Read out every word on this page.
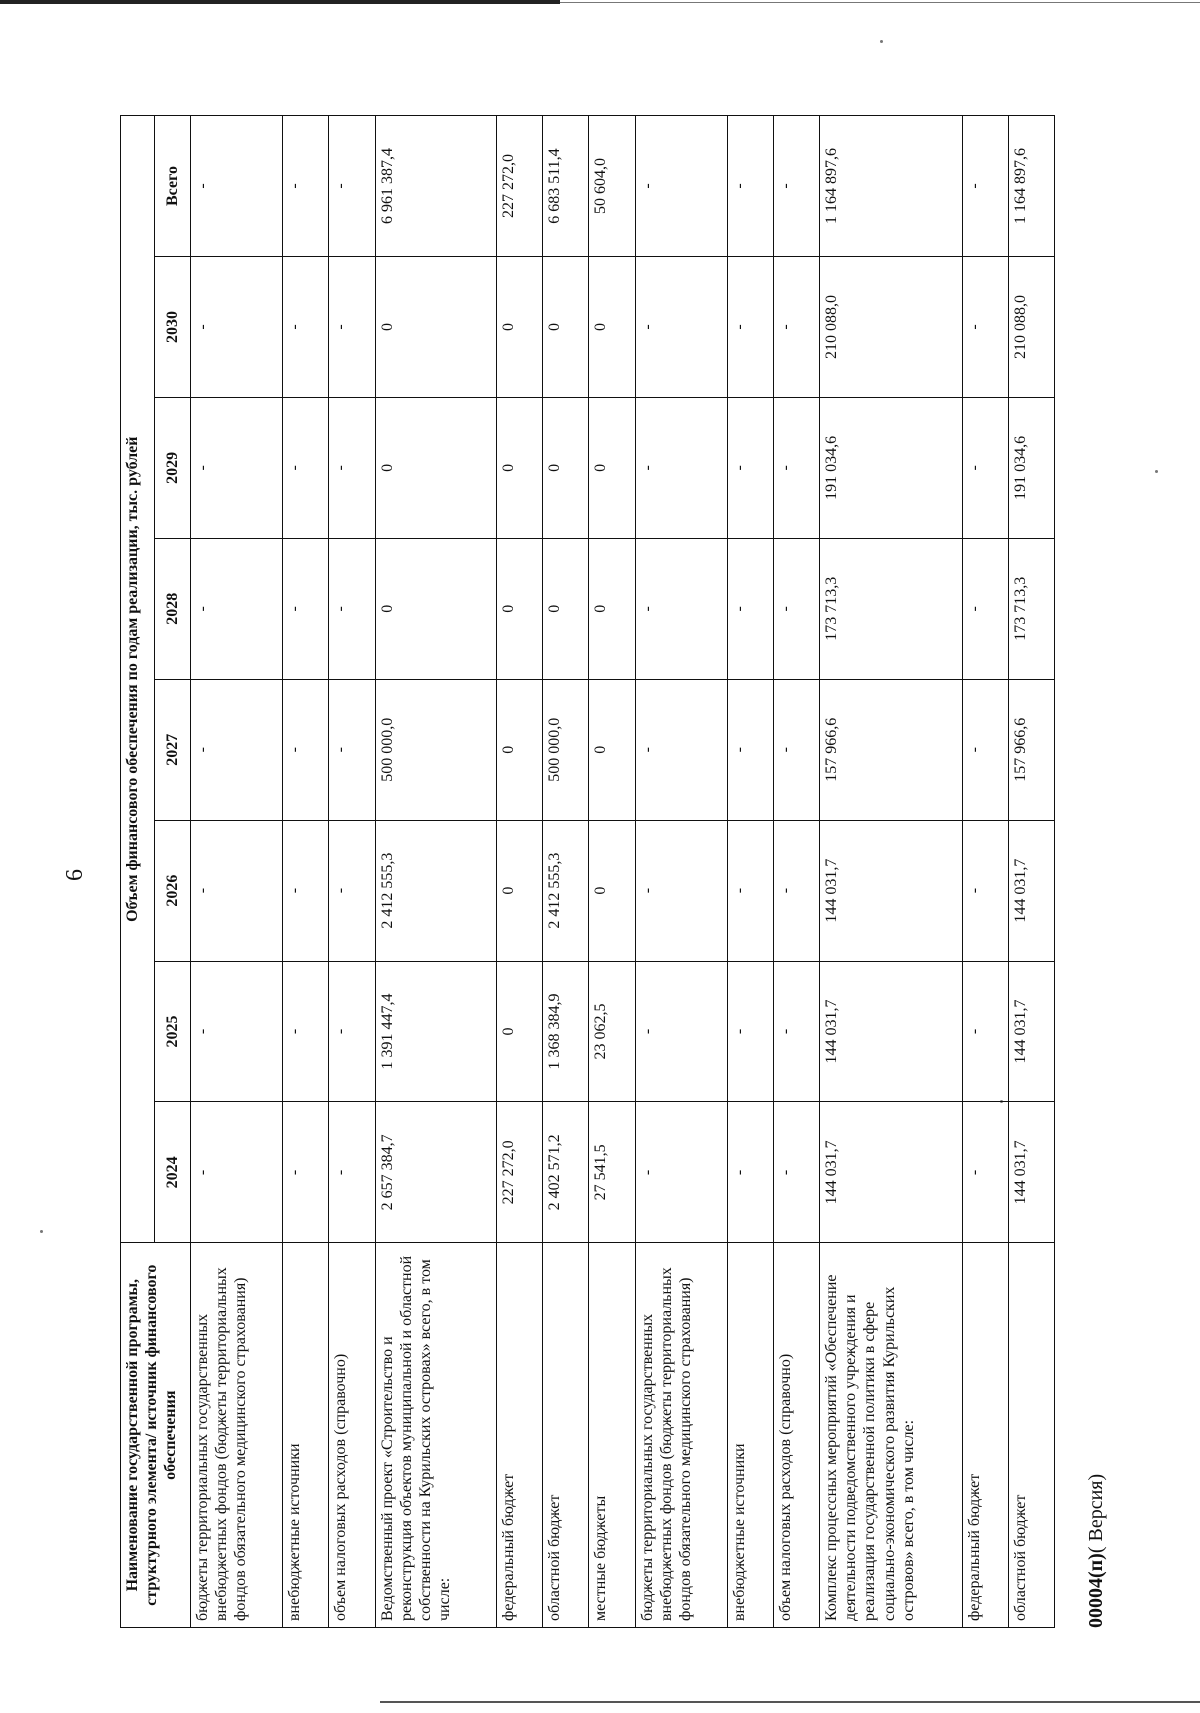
6
Наименование государственной програмы, структурного элемента/ источник финансового обеспечения	Объем финансового обеспечения по годам реализации, тыс. рублей							
	2024	2025	2026	2027	2028	2029	2030	Всего
бюджеты территориальных государственных внебюджетных фондов (бюджеты территориальных фондов обязательного медицинского страхования)	-	-	-	-	-	-	-	-
внебюджетные источники	-	-	-	-	-	-	-	-
объем налоговых расходов (справочно)	-	-	-	-	-	-	-	-
Ведомственный проект «Строительство и реконструкция объектов муниципальной и областной собственности на Курильских островах» всего, в том числе:	2 657 384,7	1 391 447,4	2 412 555,3	500 000,0	0	0	0	6 961 387,4
федеральный бюджет	227 272,0	0	0	0	0	0	0	227 272,0
областной бюджет	2 402 571,2	1 368 384,9	2 412 555,3	500 000,0	0	0	0	6 683 511,4
местные бюджеты	27 541,5	23 062,5	0	0	0	0	0	50 604,0
бюджеты территориальных государственных внебюджетных фондов (бюджеты территориальных фондов обязательного медицинского страхования)	-	-	-	-	-	-	-	-
внебюджетные источники	-	-	-	-	-	-	-	-
объем налоговых расходов (справочно)	-	-	-	-	-	-	-	-
Комплекс процессных мероприятий «Обеспечение деятельности подведомственного учреждения и реализация государственной политики в сфере социально-экономического развития Курильских островов» всего, в том числе:	144 031,7	144 031,7	144 031,7	157 966,6	173 713,3	191 034,6	210 088,0	1 164 897,6
федеральный бюджет	-	-	-	-	-	-	-	-
областной бюджет	144 031,7	144 031,7	144 031,7	157 966,6	173 713,3	191 034,6	210 088,0	1 164 897,6
00004(п)( Версия)
